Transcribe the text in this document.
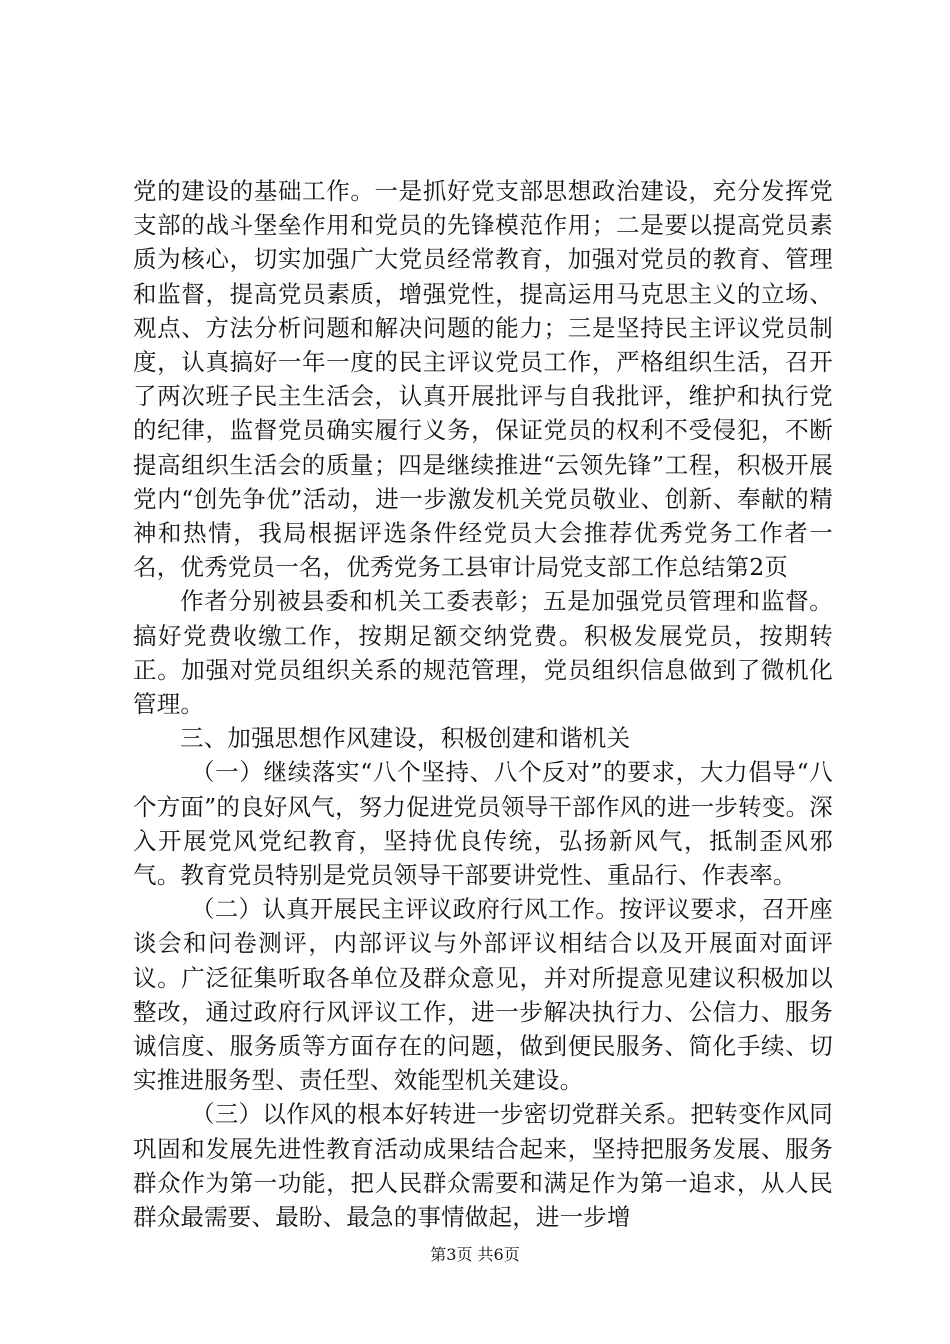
党的建设的基础工作。一是抓好党支部思想政治建设，充分发挥党支部的战斗堡垒作用和党员的先锋模范作用；二是要以提高党员素质为核心，切实加强广大党员经常教育，加强对党员的教育、管理和监督，提高党员素质，增强党性，提高运用马克思主义的立场、观点、方法分析问题和解决问题的能力；三是坚持民主评议党员制度，认真搞好一年一度的民主评议党员工作，严格组织生活，召开了两次班子民主生活会，认真开展批评与自我批评，维护和执行党的纪律，监督党员确实履行义务，保证党员的权利不受侵犯，不断提高组织生活会的质量；四是继续推进“云领先锋”工程，积极开展党内“创先争优”活动，进一步激发机关党员敬业、创新、奉献的精神和热情，我局根据评选条件经党员大会推荐优秀党务工作者一名，优秀党员一名，优秀党务工县审计局党支部工作总结第2页

作者分别被县委和机关工委表彰；五是加强党员管理和监督。搞好党费收缴工作，按期足额交纳党费。积极发展党员，按期转正。加强对党员组织关系的规范管理，党员组织信息做到了微机化管理。

三、加强思想作风建设，积极创建和谐机关

（一）继续落实“八个坚持、八个反对”的要求，大力倡导“八个方面”的良好风气，努力促进党员领导干部作风的进一步转变。深入开展党风党纪教育，坚持优良传统，弘扬新风气，抵制歪风邪气。教育党员特别是党员领导干部要讲党性、重品行、作表率。

（二）认真开展民主评议政府行风工作。按评议要求，召开座谈会和问卷测评，内部评议与外部评议相结合以及开展面对面评议。广泛征集听取各单位及群众意见，并对所提意见建议积极加以整改，通过政府行风评议工作，进一步解决执行力、公信力、服务诚信度、服务质等方面存在的问题，做到便民服务、简化手续、切实推进服务型、责任型、效能型机关建设。

（三）以作风的根本好转进一步密切党群关系。把转变作风同巩固和发展先进性教育活动成果结合起来，坚持把服务发展、服务群众作为第一功能，把人民群众需要和满足作为第一追求，从人民群众最需要、最盼、最急的事情做起，进一步增

第3页 共6页
